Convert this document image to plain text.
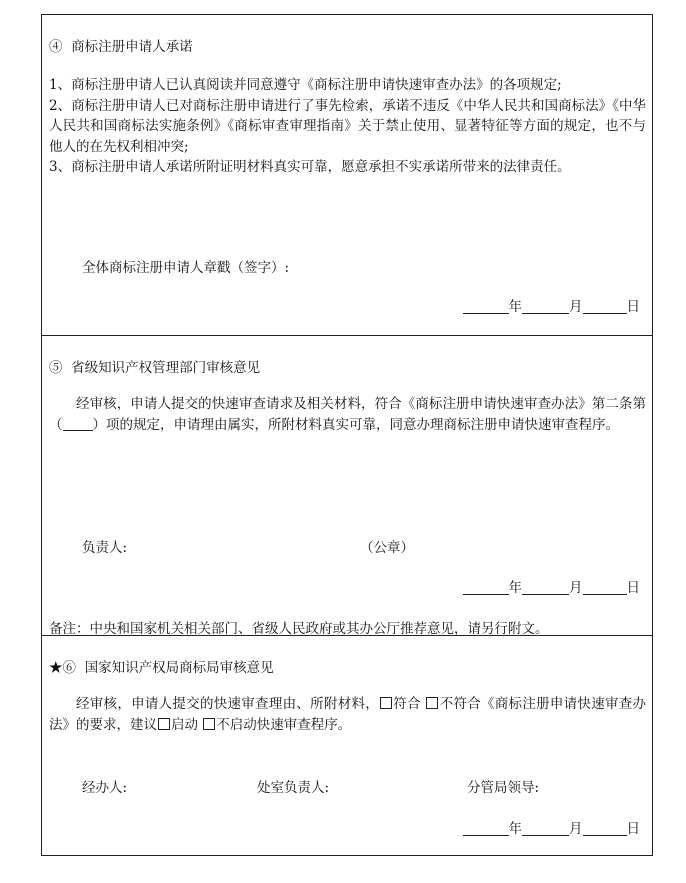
④ 商标注册申请人承诺

1、商标注册申请人已认真阅读并同意遵守《商标注册申请快速审查办法》的各项规定;

2、商标注册申请人已对商标注册申请进行了事先检索，承诺不违反《中华人民共和国商标法》《中华人民共和国商标法实施条例》《商标审查审理指南》关于禁止使用、显著特征等方面的规定，也不与他人的在先权利相冲突;

3、商标注册申请人承诺所附证明材料真实可靠，愿意承担不实承诺所带来的法律责任。

全体商标注册申请人章戳（签字）:
年	月	日
⑤ 省级知识产权管理部门审核意见

经审核，申请人提交的快速审查请求及相关材料，符合《商标注册申请快速审查办法》第二条第（ ）项的规定，申请理由属实，所附材料真实可靠，同意办理商标注册申请快速审查程序。

负责人:	（公章）
年	月	日
备注：中央和国家机关相关部门、省级人民政府或其办公厅推荐意见，请另行附文。
★⑥ 国家知识产权局商标局审核意见

经审核，申请人提交的快速审查理由、所附材料， 符合 不符合《商标注册申请快速审查办法》的要求，建议 启动 不启动快速审查程序。

经办人:	处室负责人:	分管局领导:
年	月	日
